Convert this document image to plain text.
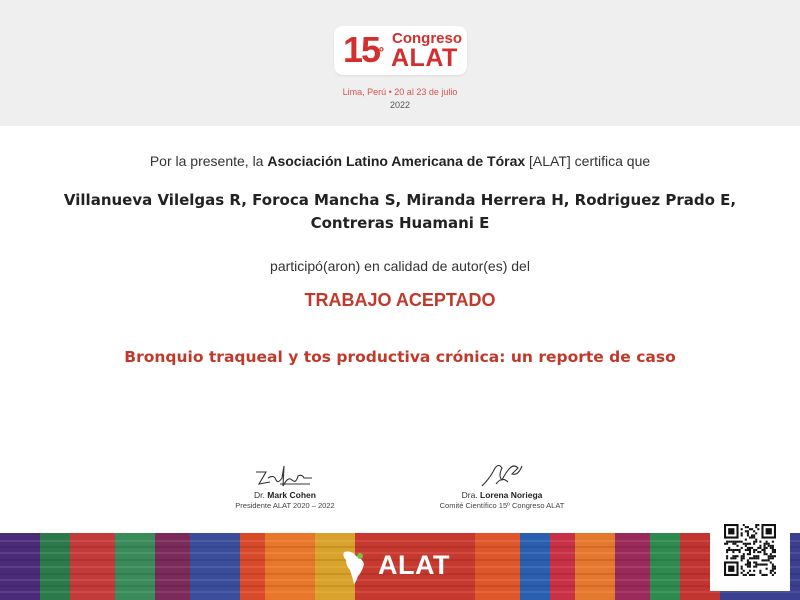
$15^º$
Congreso
ALAT
Lima, Perú • 20 al 23 de julio
2022
Por la presente, la Asociación Latino Americana de Tórax [ALAT] certifica que
Villanueva Vilelgas R, Foroca Mancha S, Miranda Herrera H, Rodriguez Prado E, Contreras Huamani E
participó(aron) en calidad de autor(es) del
TRABAJO ACEPTADO
Bronquio traqueal y tos productiva crónica: un reporte de caso
Dr. Mark Cohen
Presidente ALAT 2020 – 2022
Dra. Lorena Noriega
Comité Científico 15º Congreso ALAT
ALAT
